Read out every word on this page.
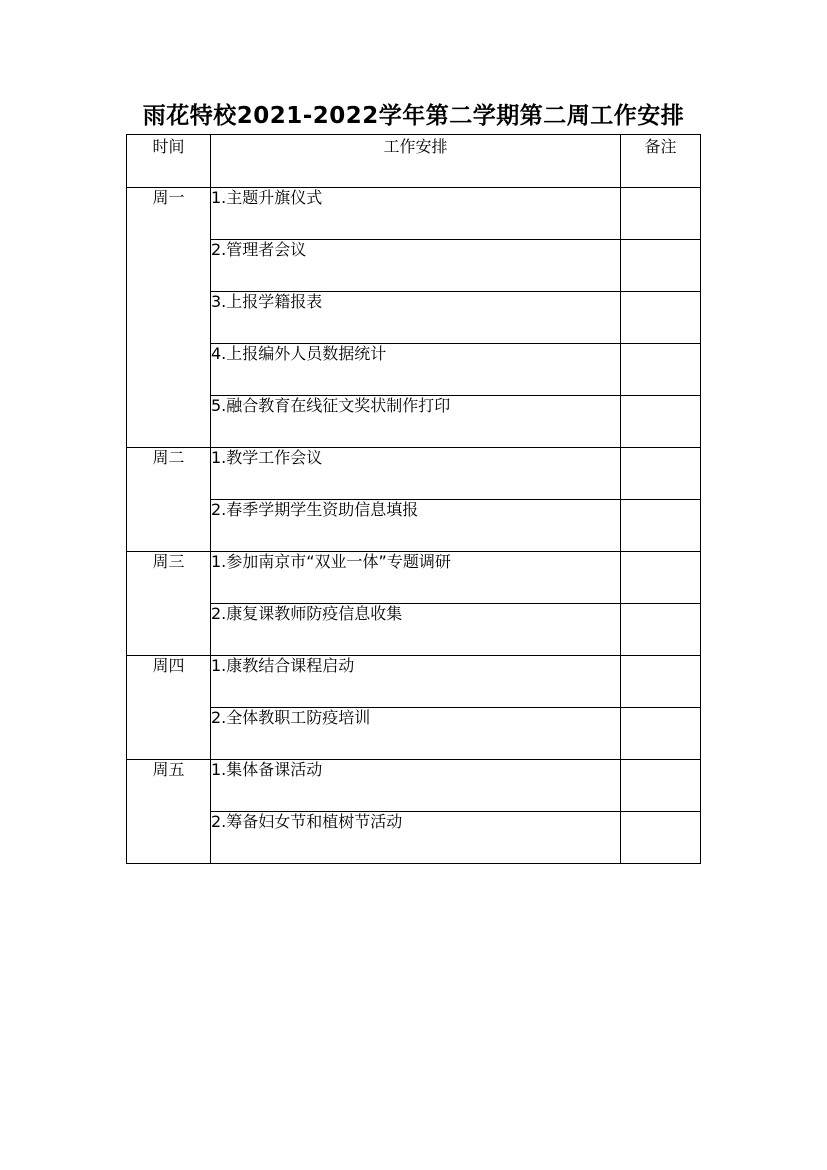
雨花特校2021-2022学年第二学期第二周工作安排
时间	工作安排	备注
周一	1.主题升旗仪式	
	2.管理者会议	
	3.上报学籍报表	
	4.上报编外人员数据统计	
	5.融合教育在线征文奖状制作打印	
周二	1.教学工作会议	
	2.春季学期学生资助信息填报	
周三	1.参加南京市“双业一体”专题调研	
	2.康复课教师防疫信息收集	
周四	1.康教结合课程启动	
	2.全体教职工防疫培训	
周五	1.集体备课活动	
	2.筹备妇女节和植树节活动	
